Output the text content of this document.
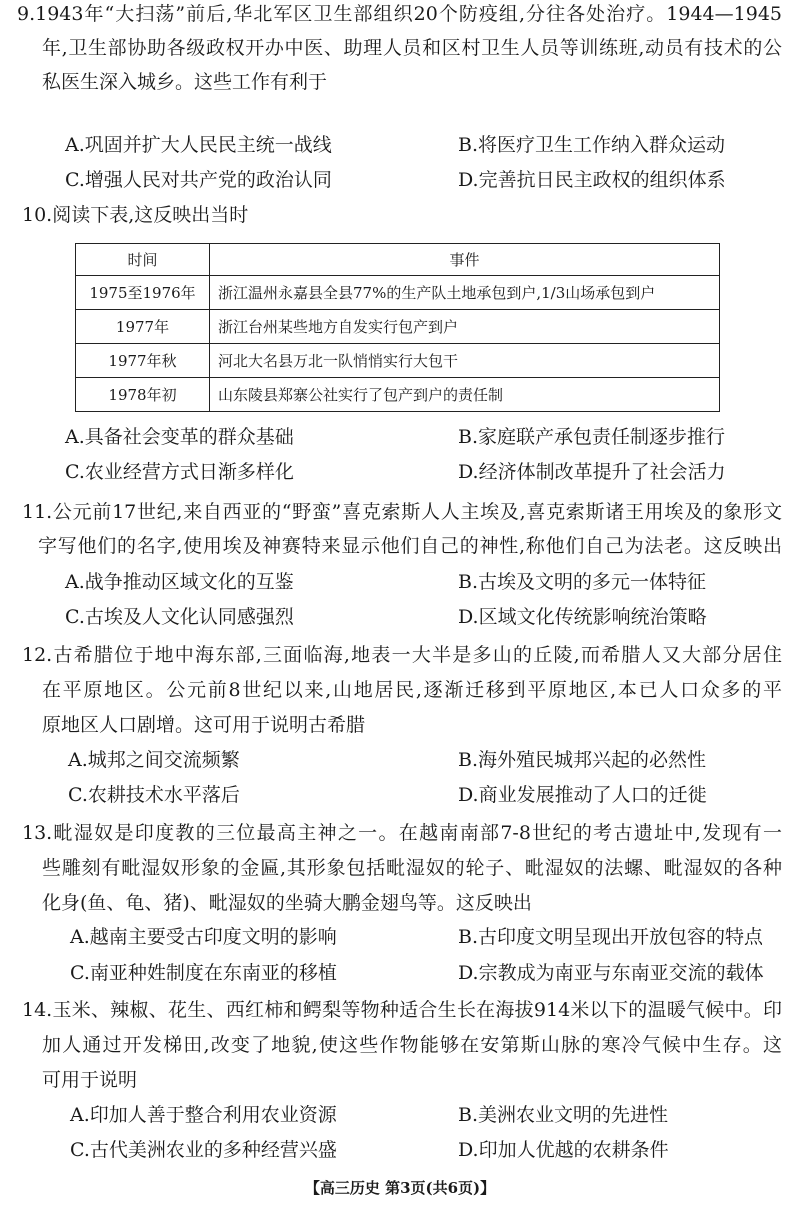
9.1943年“大扫荡”前后,华北军区卫生部组织20个防疫组,分往各处治疗。1944—1945
年,卫生部协助各级政权开办中医、助理人员和区村卫生人员等训练班,动员有技术的公
私医生深入城乡。这些工作有利于
A.巩固并扩大人民民主统一战线	B.将医疗卫生工作纳入群众运动
C.增强人民对共产党的政治认同	D.完善抗日民主政权的组织体系
10.阅读下表,这反映出当时
时间	事件
1975至1976年	浙江温州永嘉县全县77%的生产队土地承包到户,1/3山场承包到户
1977年	浙江台州某些地方自发实行包产到户
1977年秋	河北大名县万北一队悄悄实行大包干
1978年初	山东陵县郑寨公社实行了包产到户的责任制
A.具备社会变革的群众基础	B.家庭联产承包责任制逐步推行
C.农业经营方式日渐多样化	D.经济体制改革提升了社会活力
11.公元前17世纪,来自西亚的“野蛮”喜克索斯人人主埃及,喜克索斯诸王用埃及的象形文
字写他们的名字,使用埃及神赛特来显示他们自己的神性,称他们自己为法老。这反映出
A.战争推动区域文化的互鉴	B.古埃及文明的多元一体特征
C.古埃及人文化认同感强烈	D.区域文化传统影响统治策略
12.古希腊位于地中海东部,三面临海,地表一大半是多山的丘陵,而希腊人又大部分居住
在平原地区。公元前8世纪以来,山地居民,逐渐迁移到平原地区,本已人口众多的平
原地区人口剧增。这可用于说明古希腊
A.城邦之间交流频繁	B.海外殖民城邦兴起的必然性
C.农耕技术水平落后	D.商业发展推动了人口的迁徙
13.毗湿奴是印度教的三位最高主神之一。在越南南部7-8世纪的考古遗址中,发现有一
些雕刻有毗湿奴形象的金匾,其形象包括毗湿奴的轮子、毗湿奴的法螺、毗湿奴的各种
化身(鱼、龟、猪)、毗湿奴的坐骑大鹏金翅鸟等。这反映出
A.越南主要受古印度文明的影响	B.古印度文明呈现出开放包容的特点
C.南亚种姓制度在东南亚的移植	D.宗教成为南亚与东南亚交流的载体
14.玉米、辣椒、花生、西红柿和鳄梨等物种适合生长在海拔914米以下的温暖气候中。印
加人通过开发梯田,改变了地貌,使这些作物能够在安第斯山脉的寒冷气候中生存。这
可用于说明
A.印加人善于整合利用农业资源	B.美洲农业文明的先进性
C.古代美洲农业的多种经营兴盛	D.印加人优越的农耕条件
【高三历史 第3页(共6页)】
